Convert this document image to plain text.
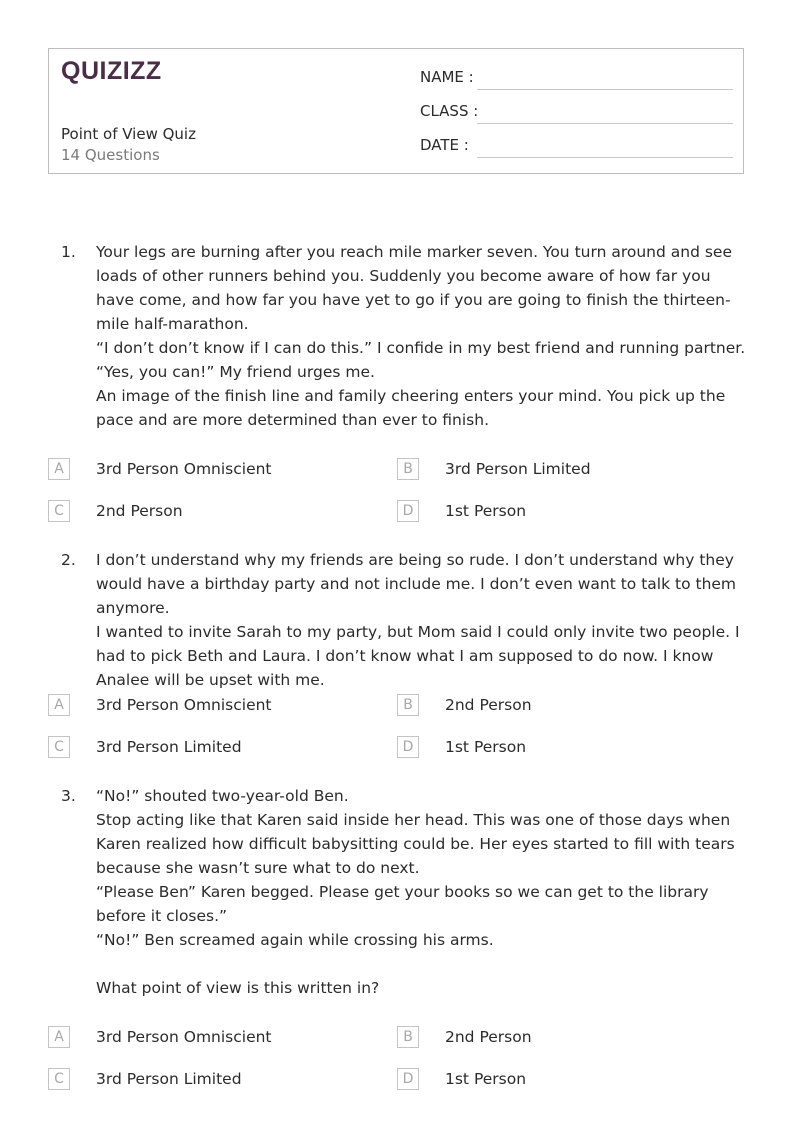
QUIZIZZ
Point of View Quiz
14 Questions
NAME :
CLASS :
DATE :
1. Your legs are burning after you reach mile marker seven. You turn around and see loads of other runners behind you. Suddenly you become aware of how far you have come, and how far you have yet to go if you are going to finish the thirteen-mile half-marathon.

“I don’t don’t know if I can do this.” I confide in my best friend and running partner.

“Yes, you can!” My friend urges me.

An image of the finish line and family cheering enters your mind. You pick up the pace and are more determined than ever to finish.

A	3rd Person Omniscient	B	3rd Person Limited
C	2nd Person	D	1st Person
2. I don’t understand why my friends are being so rude. I don’t understand why they would have a birthday party and not include me. I don’t even want to talk to them anymore.

I wanted to invite Sarah to my party, but Mom said I could only invite two people. I had to pick Beth and Laura. I don’t know what I am supposed to do now. I know Analee will be upset with me.

A	3rd Person Omniscient	B	2nd Person
C	3rd Person Limited	D	1st Person
3. “No!” shouted two-year-old Ben.

Stop acting like that Karen said inside her head. This was one of those days when Karen realized how difficult babysitting could be. Her eyes started to fill with tears because she wasn’t sure what to do next.

“Please Ben” Karen begged. Please get your books so we can get to the library before it closes.”

“No!” Ben screamed again while crossing his arms.

What point of view is this written in?

A	3rd Person Omniscient	B	2nd Person
C	3rd Person Limited	D	1st Person
